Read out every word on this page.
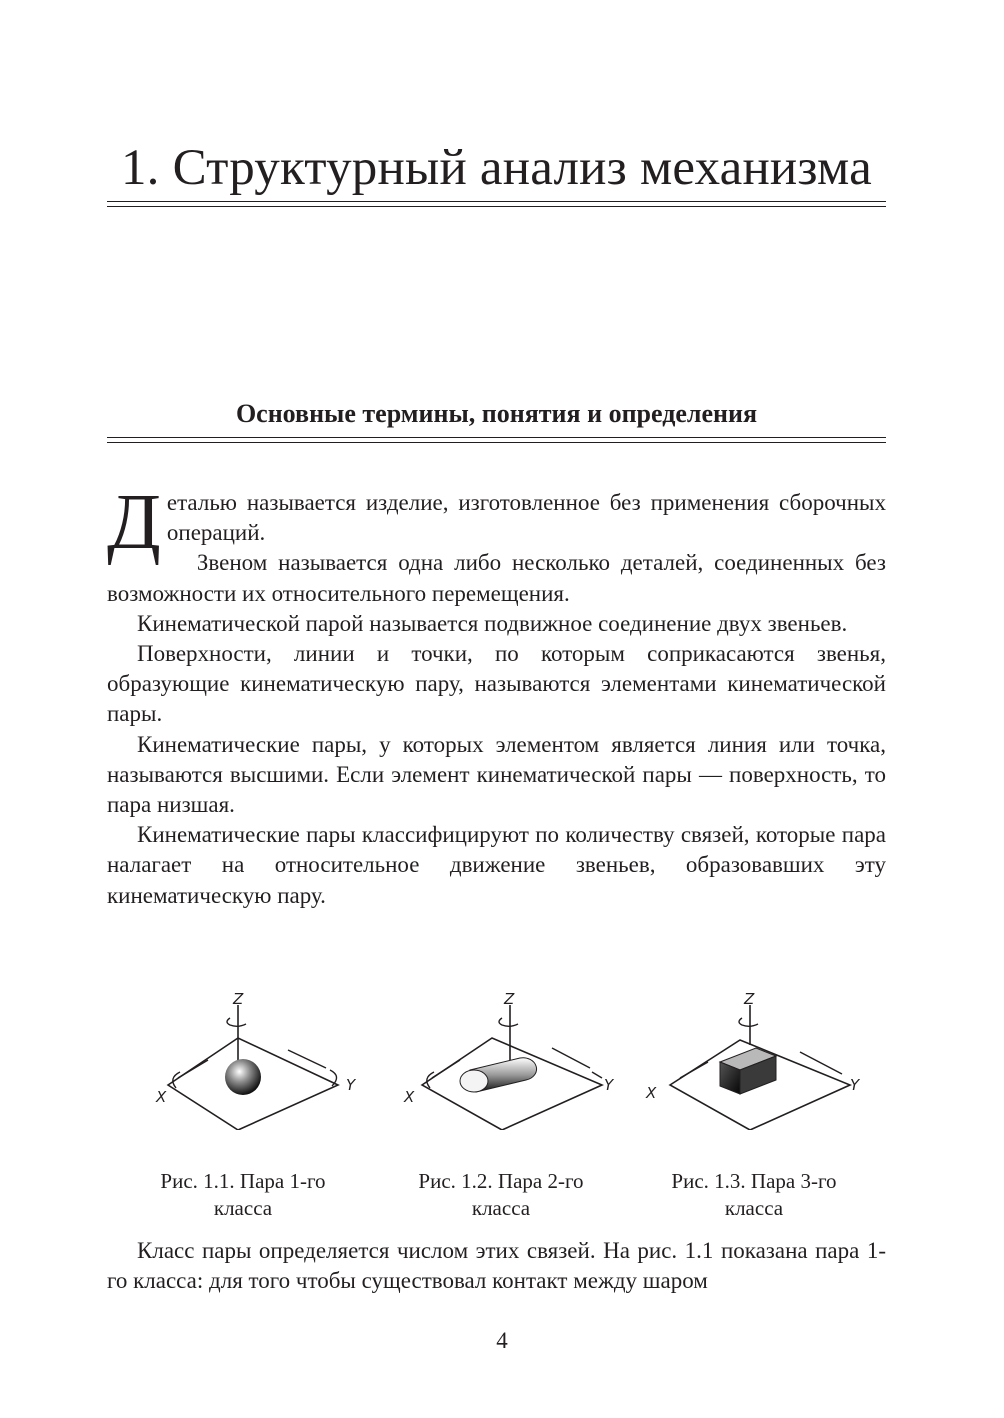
1. Структурный анализ механизма
Основные термины, понятия и определения

Деталью называется изделие, изготовленное без применения сборочных операций.

Звеном называется одна либо несколько деталей, соединенных без возможности их относительного перемещения.

Кинематической парой называется подвижное соединение двух звеньев.

Поверхности, линии и точки, по которым соприкасаются звенья, образующие кинематическую пару, называются элементами кинематической пары.

Кинематические пары, у которых элементом является линия или точка, называются высшими. Если элемент кинематической пары — поверхность, то пара низшая.

Кинематические пары классифицируют по количеству связей, которые пара налагает на относительное движение звеньев, образовавших эту кинематическую пару.

Z
X
Y
Z
X
Y
Z
X	Y
Рис. 1.1. Пара 1-го
класса
Рис. 1.2. Пара 2-го
класса
Рис. 1.3. Пара 3-го
класса

Класс пары определяется числом этих связей. На рис. 1.1 показана пара 1-го класса: для того чтобы существовал контакт между шаром

4
